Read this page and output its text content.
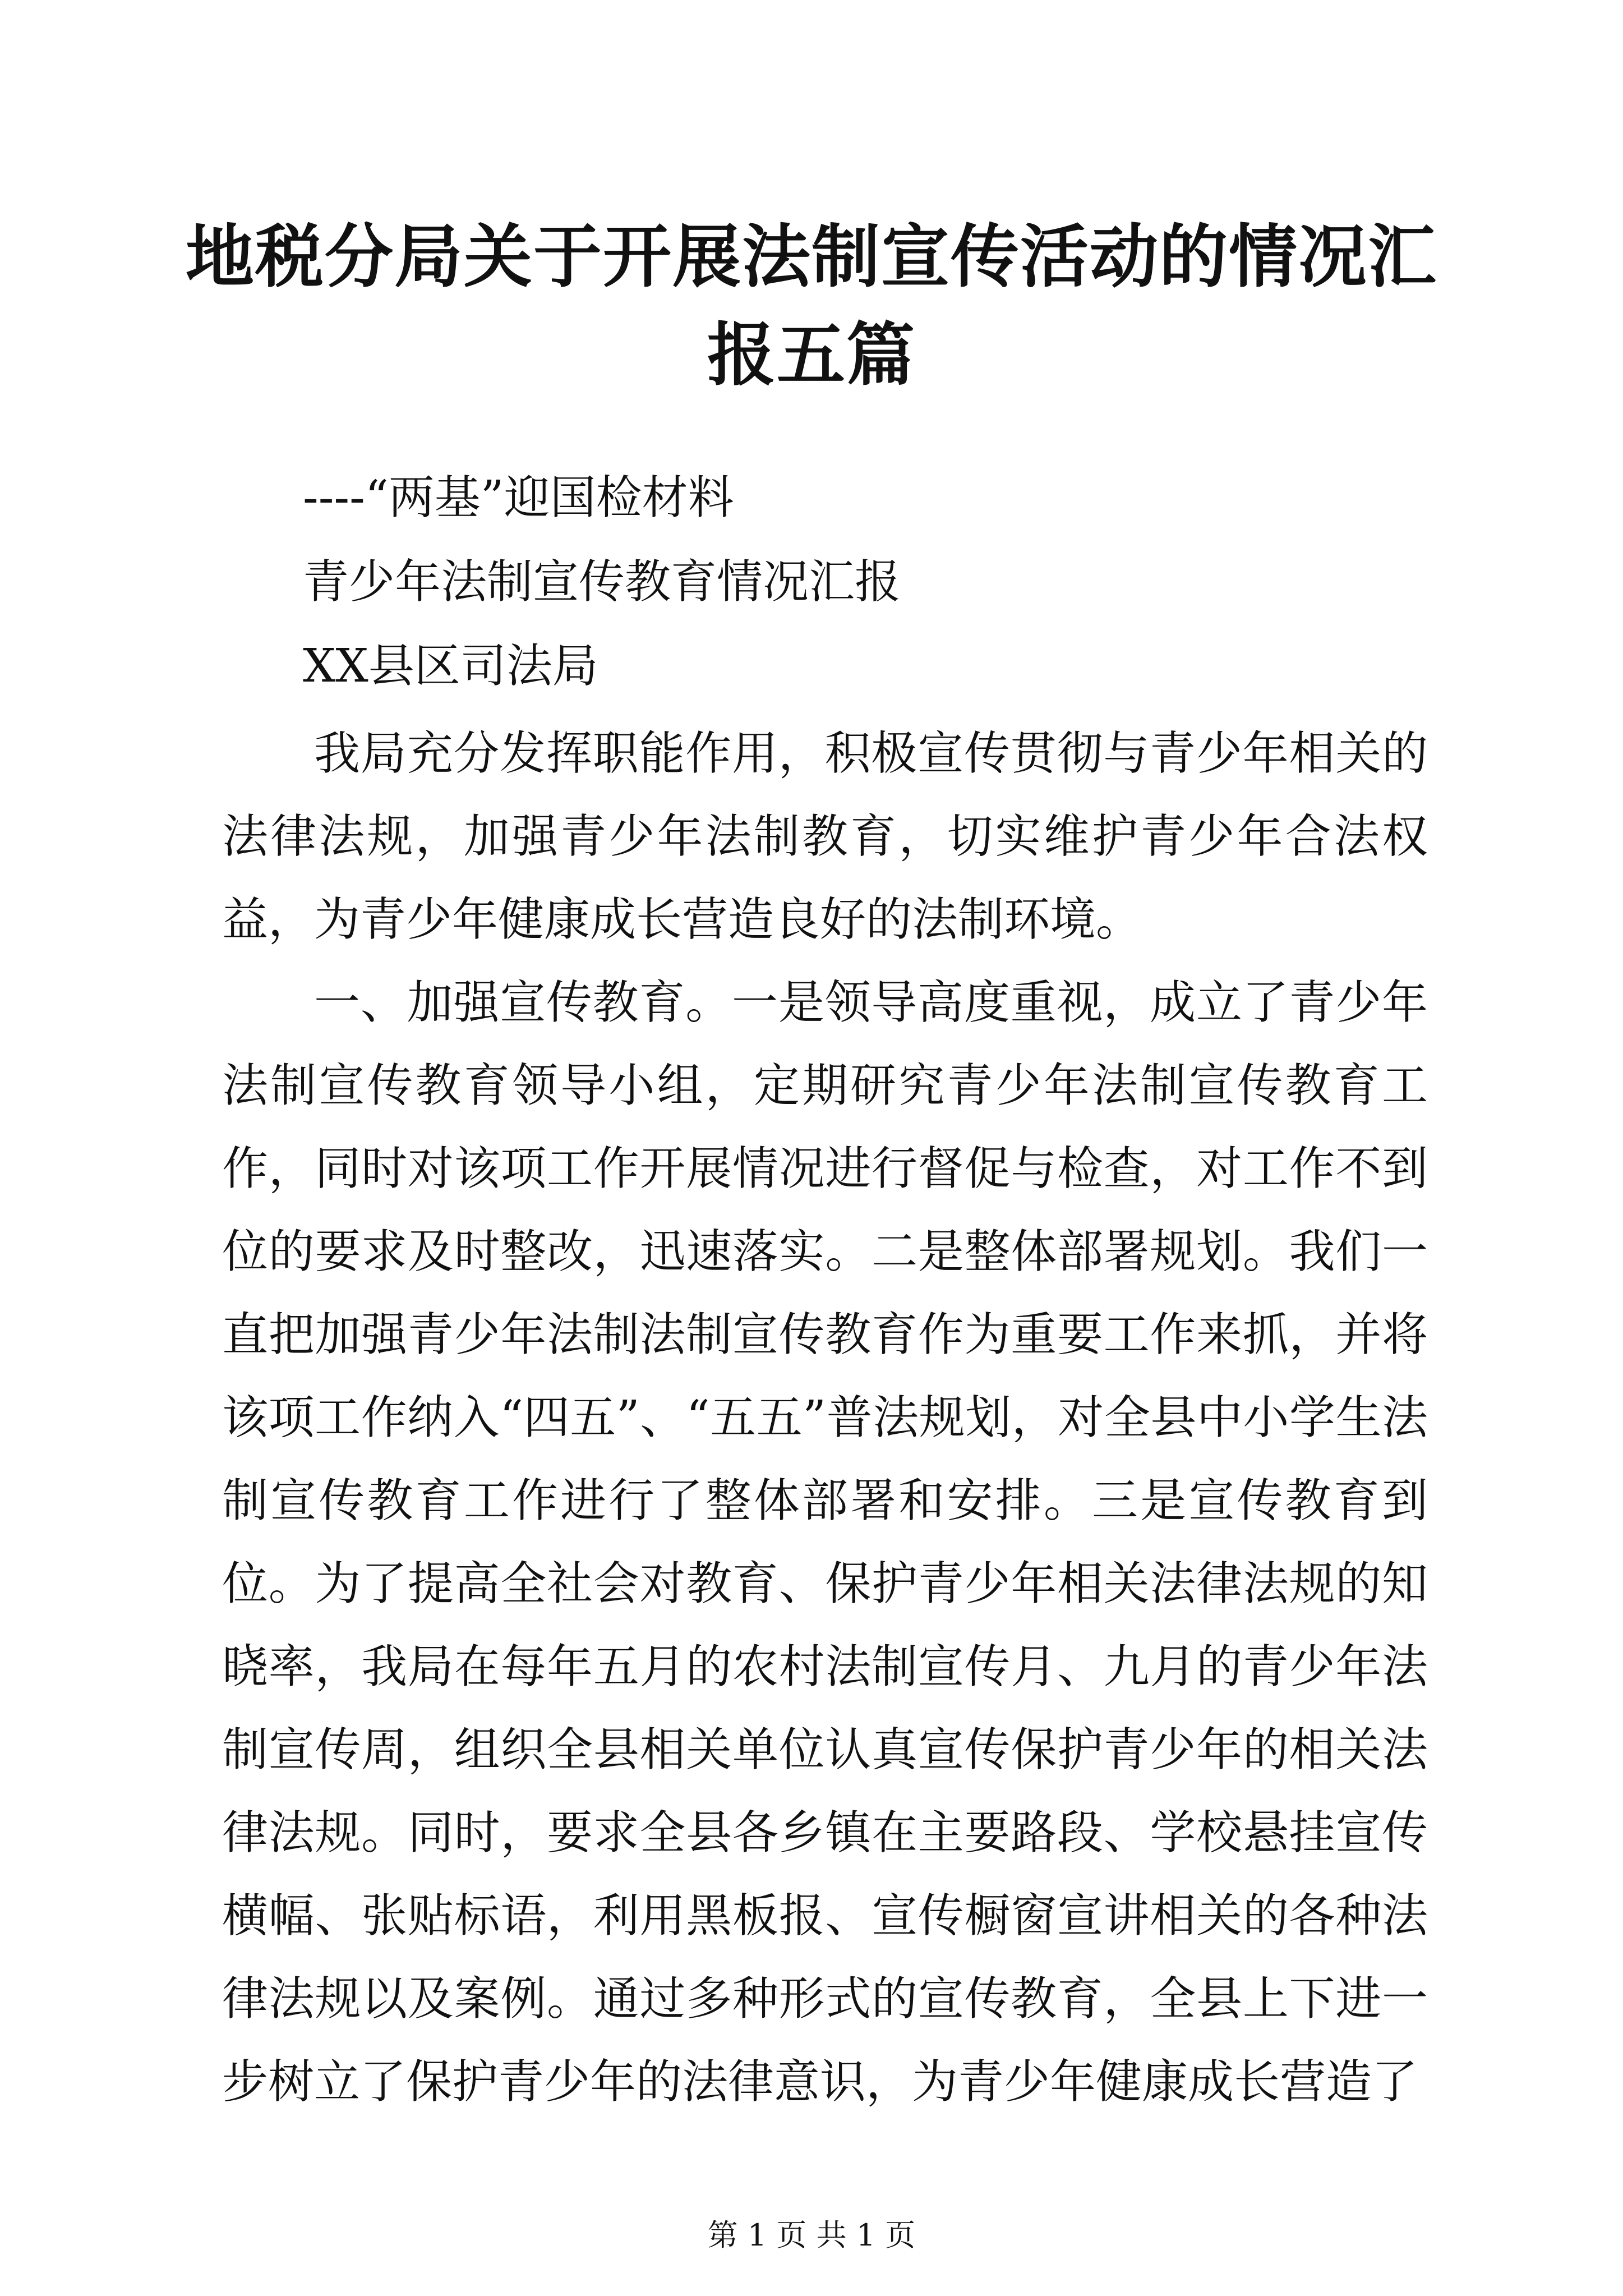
地税分局关于开展法制宣传活动的情况汇报五篇

----“两基”迎国检材料

青少年法制宣传教育情况汇报

XX县区司法局

我局充分发挥职能作用，积极宣传贯彻与青少年相关的法律法规，加强青少年法制教育，切实维护青少年合法权益，为青少年健康成长营造良好的法制环境。

一、加强宣传教育。一是领导高度重视，成立了青少年法制宣传教育领导小组，定期研究青少年法制宣传教育工作，同时对该项工作开展情况进行督促与检查，对工作不到位的要求及时整改，迅速落实。二是整体部署规划。我们一直把加强青少年法制法制宣传教育作为重要工作来抓，并将该项工作纳入“四五”、“五五”普法规划，对全县中小学生法制宣传教育工作进行了整体部署和安排。三是宣传教育到位。为了提高全社会对教育、保护青少年相关法律法规的知晓率，我局在每年五月的农村法制宣传月、九月的青少年法制宣传周，组织全县相关单位认真宣传保护青少年的相关法律法规。同时，要求全县各乡镇在主要路段、学校悬挂宣传横幅、张贴标语，利用黑板报、宣传橱窗宣讲相关的各种法律法规以及案例。通过多种形式的宣传教育，全县上下进一步树立了保护青少年的法律意识，为青少年健康成长营造了

第 1 页 共 1 页
